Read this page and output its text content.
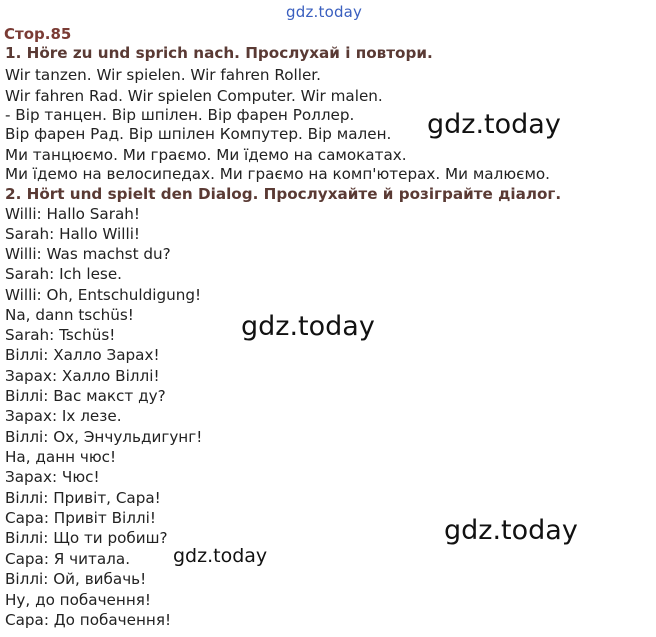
gdz.today
Стор.85
1. Höre zu und sprich nach. Прослухай і повтори.
Wir tanzen. Wir spielen. Wir fahren Roller.
Wir fahren Rad. Wir spielen Computer. Wir malen.
- Вір танцен. Вір шпілен. Вір фарен Роллер.
Вір фарен Рад. Вір шпілен Компутер. Вір мален.
Ми танцюємо. Ми граємо. Ми їдемо на самокатах.
Ми їдемо на велосипедах. Ми граємо на комп'ютерах. Ми малюємо.
2. Hört und spielt den Dialog. Прослухайте й розіграйте діалог.
Willi: Hallo Sarah!
Sarah: Hallo Willi!
Willi: Was machst du?
Sarah: Ich lese.
Willi: Oh, Entschuldigung!
Na, dann tschüs!
Sarah: Tschüs!
Віллі: Халло Зарах!
Зарах: Халло Віллі!
Віллі: Вас макст ду?
Зарах: Іх лезе.
Віллі: Ох, Энчульдигунг!
На, данн чюс!
Зарах: Чюс!
Віллі: Привіт, Сара!
Сара: Привіт Віллі!
Віллі: Що ти робиш?
Сара: Я читала.
Віллі: Ой, вибачь!
Ну, до побачення!
Сара: До побачення!
gdz.today
gdz.today
gdz.today
gdz.today
